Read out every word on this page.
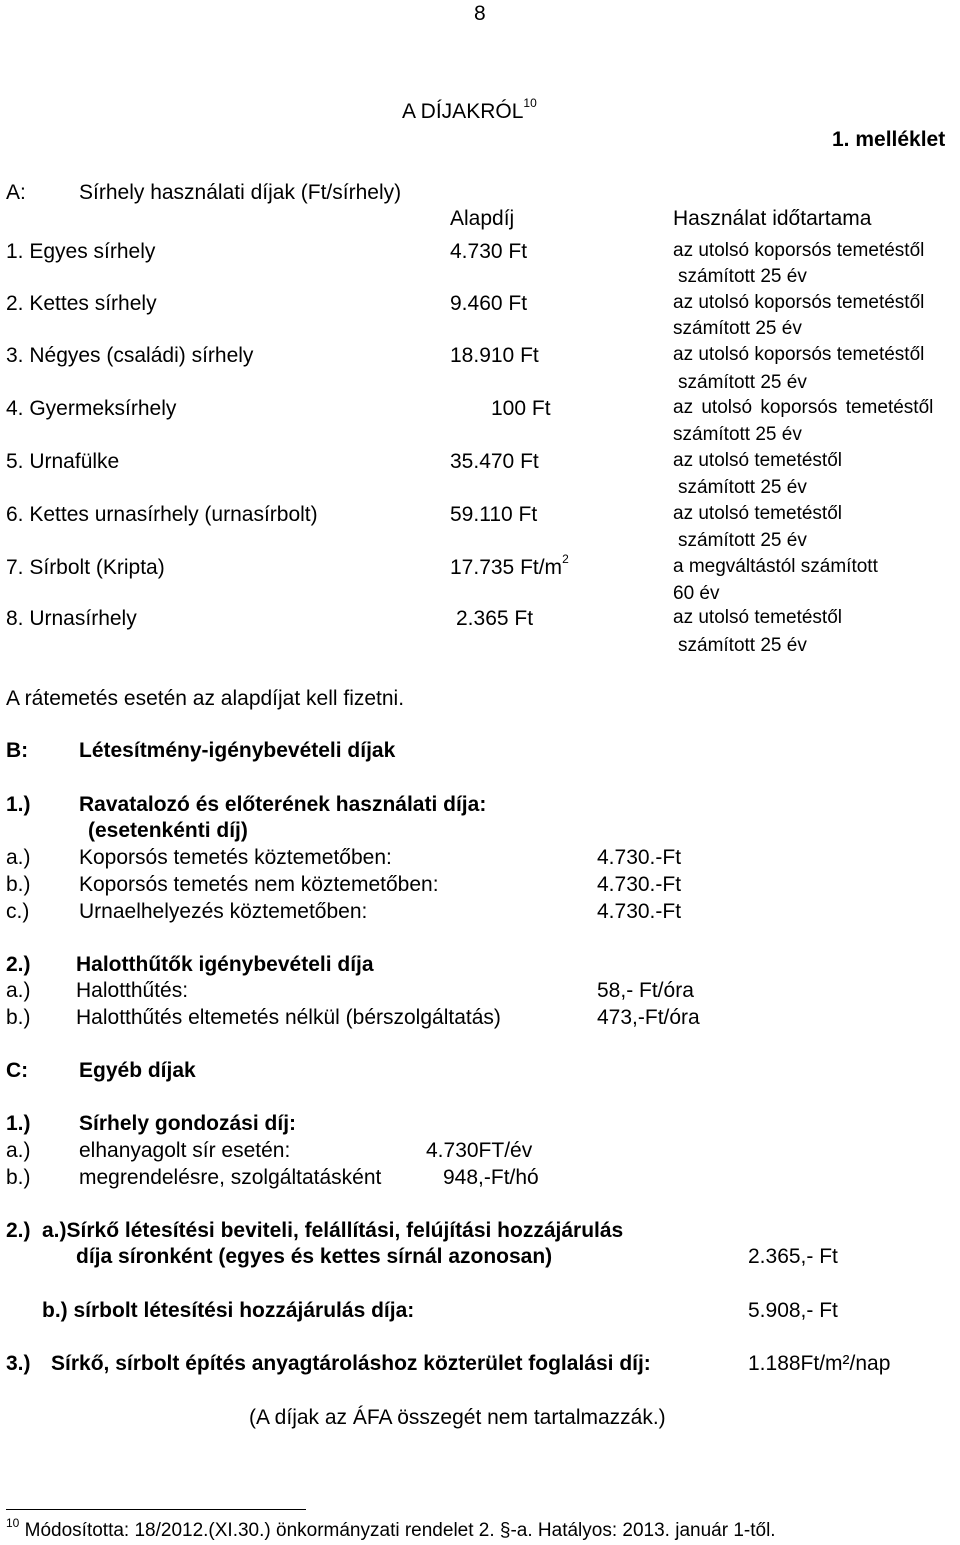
8
A DÍJAKRÓL$^{10}$
1. melléklet
A:	Sírhely használati díjak (Ft/sírhely)
Alapdíj	Használat időtartama
1. Egyes sírhely	4.730 Ft	az utolsó koporsós temetéstől
számított 25 év
2. Kettes sírhely	9.460 Ft	az utolsó koporsós temetéstől
számított 25 év
3. Négyes (családi) sírhely	18.910 Ft	az utolsó koporsós temetéstől
számított 25 év
4. Gyermeksírhely	100 Ft	az utolsó koporsós temetéstől
számított 25 év
5. Urnafülke	35.470 Ft	az utolsó temetéstől
számított 25 év
6. Kettes urnasírhely (urnasírbolt)	59.110 Ft	az utolsó temetéstől
számított 25 év
7. Sírbolt (Kripta)	17.735 $Ft/m^2$	a megváltástól számított
60 év
8. Urnasírhely	2.365 Ft	az utolsó temetéstől
számított 25 év
A rátemetés esetén az alapdíjat kell fizetni.
B: Létesítmény-igénybevételi díjak
1.) Ravatalozó és előterének használati díja:
(esetenkénti díj)
a.) Koporsós temetés köztemetőben:	4.730.-Ft
b.) Koporsós temetés nem köztemetőben:	4.730.-Ft
c.) Urnaelhelyezés köztemetőben:	4.730.-Ft
2.) Halotthűtők igénybevételi díja
a.) Halotthűtés:	58,- Ft/óra
b.) Halotthűtés eltemetés nélkül (bérszolgáltatás)	473,-Ft/óra
C: Egyéb díjak
1.) Sírhely gondozási díj:
a.) elhanyagolt sír esetén:	4.730FT/év
b.) megrendelésre, szolgáltatásként	948,-Ft/hó
2.) a.)Sírkő létesítési beviteli, felállítási, felújítási hozzájárulás
díja síronként (egyes és kettes sírnál azonosan)	2.365,- Ft
b.) sírbolt létesítési hozzájárulás díja:	5.908,- Ft
3.) Sírkő, sírbolt építés anyagtároláshoz közterület foglalási díj:	1.188Ft/m²/nap
(A díjak az ÁFA összegét nem tartalmazzák.)
$^{10}$ Módosította: 18/2012.(XI.30.) önkormányzati rendelet 2. §-a. Hatályos: 2013. január 1-től.
